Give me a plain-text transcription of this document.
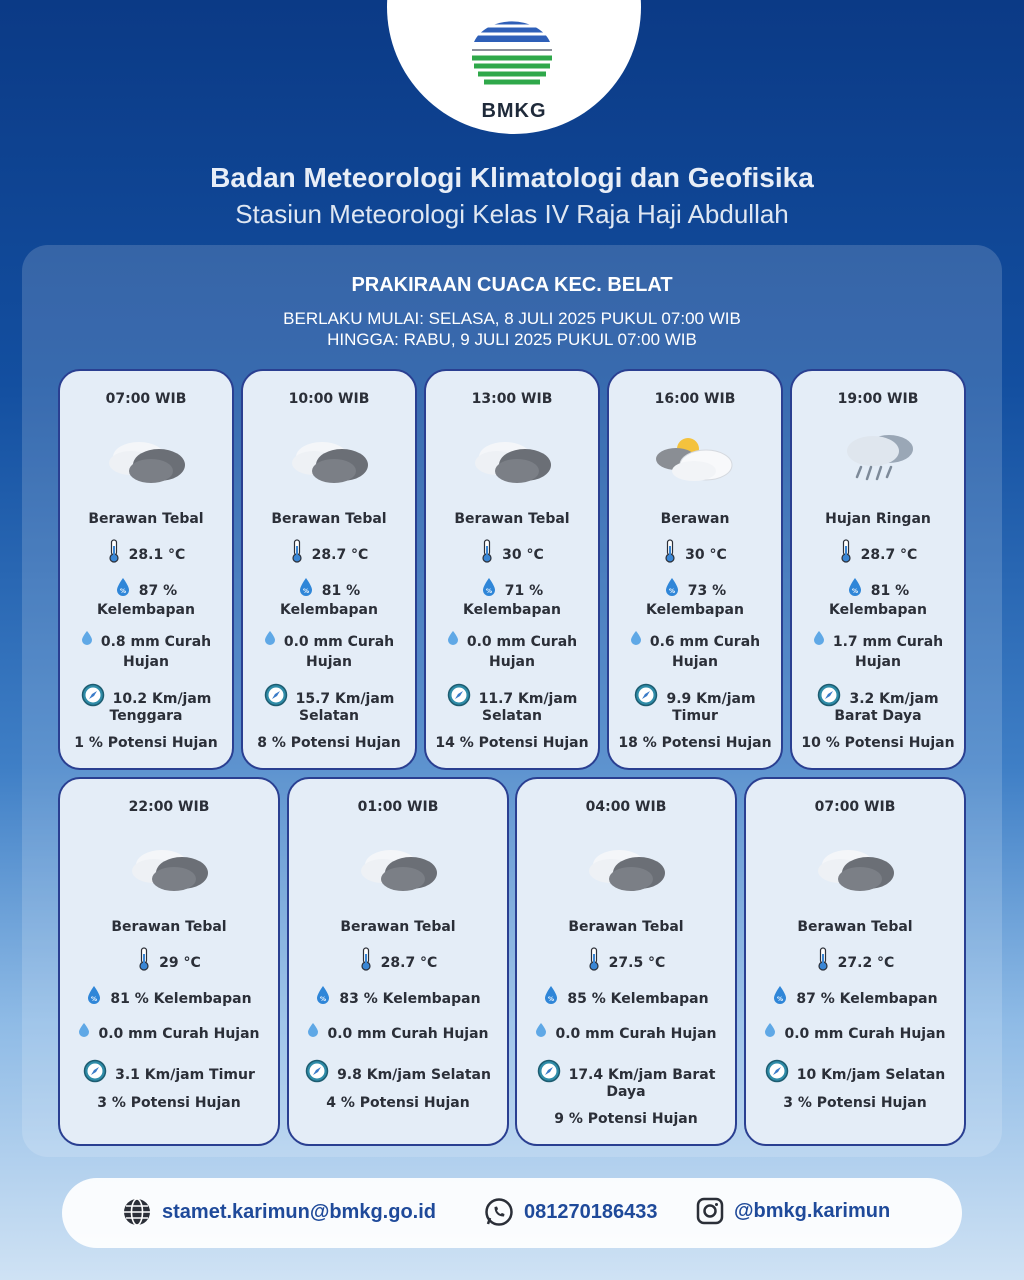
BMKG
Badan Meteorologi Klimatologi dan Geofisika
Stasiun Meteorologi Kelas IV Raja Haji Abdullah
PRAKIRAAN CUACA KEC. BELAT
BERLAKU MULAI: SELASA, 8 JULI 2025 PUKUL 07:00 WIB
HINGGA: RABU, 9 JULI 2025 PUKUL 07:00 WIB
07:00 WIB
Berawan Tebal
28.1 °C
% 87 %
Kelembapan
0.8 mm Curah
Hujan
10.2 Km/jam
Tenggara
1 % Potensi Hujan
10:00 WIB
Berawan Tebal
28.7 °C
% 81 %
Kelembapan
0.0 mm Curah
Hujan
15.7 Km/jam
Selatan
8 % Potensi Hujan
13:00 WIB
Berawan Tebal
30 °C
% 71 %
Kelembapan
0.0 mm Curah
Hujan
11.7 Km/jam
Selatan
14 % Potensi Hujan
16:00 WIB
Berawan
30 °C
% 73 %
Kelembapan
0.6 mm Curah
Hujan
9.9 Km/jam
Timur
18 % Potensi Hujan
19:00 WIB
Hujan Ringan
28.7 °C
% 81 %
Kelembapan
1.7 mm Curah
Hujan
3.2 Km/jam
Barat Daya
10 % Potensi Hujan
22:00 WIB
Berawan Tebal
29 °C
% 81 % Kelembapan
0.0 mm Curah Hujan
3.1 Km/jam Timur
3 % Potensi Hujan
01:00 WIB
Berawan Tebal
28.7 °C
% 83 % Kelembapan
0.0 mm Curah Hujan
9.8 Km/jam Selatan
4 % Potensi Hujan
04:00 WIB
Berawan Tebal
27.5 °C
% 85 % Kelembapan
0.0 mm Curah Hujan
17.4 Km/jam Barat
Daya
9 % Potensi Hujan
07:00 WIB
Berawan Tebal
27.2 °C
% 87 % Kelembapan
0.0 mm Curah Hujan
10 Km/jam Selatan
3 % Potensi Hujan
stamet.karimun@bmkg.go.id	081270186433	@bmkg.karimun
